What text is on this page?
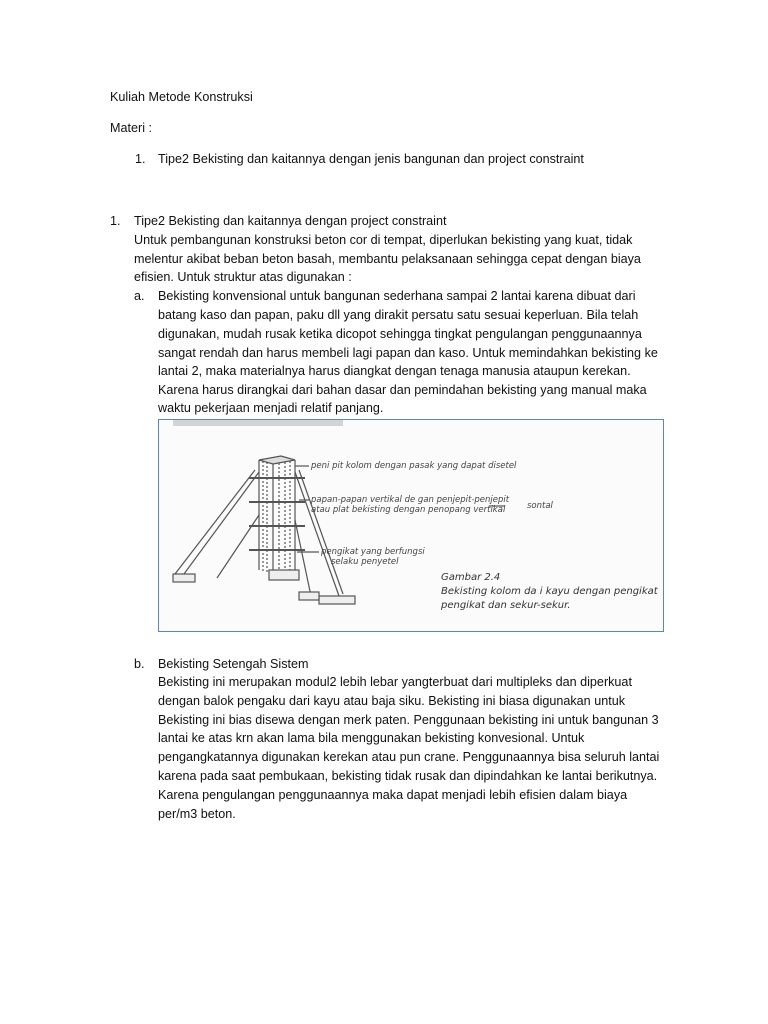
Kuliah Metode Konstruksi
Materi :
1. Tipe2 Bekisting dan kaitannya dengan jenis bangunan dan project constraint
1. Tipe2 Bekisting dan kaitannya dengan project constraint
Untuk pembangunan konstruksi beton cor di tempat, diperlukan bekisting yang kuat, tidak
melentur akibat beban beton basah, membantu pelaksanaan sehingga cepat dengan biaya
efisien. Untuk struktur atas digunakan :
a. Bekisting konvensional untuk bangunan sederhana sampai 2 lantai karena dibuat dari
batang kaso dan papan, paku dll yang dirakit persatu satu sesuai keperluan. Bila telah
digunakan, mudah rusak ketika dicopot sehingga tingkat pengulangan penggunaannya
sangat rendah dan harus membeli lagi papan dan kaso. Untuk memindahkan bekisting ke
lantai 2, maka materialnya harus diangkat dengan tenaga manusia ataupun kerekan.
Karena harus dirangkai dari bahan dasar dan pemindahan bekisting yang manual maka
waktu pekerjaan menjadi relatif panjang.
peni pit kolom dengan pasak yang dapat disetel
papan-papan vertikal de gan penjepit-penjepit
atau plat bekisting dengan penopang vertikal	sontal
pengikat yang berfungsi
selaku penyetel
Gambar 2.4
Bekisting kolom da i kayu dengan pengikat
pengikat dan sekur-sekur.
b. Bekisting Setengah Sistem
Bekisting ini merupakan modul2 lebih lebar yangterbuat dari multipleks dan diperkuat
dengan balok pengaku dari kayu atau baja siku. Bekisting ini biasa digunakan untuk
Bekisting ini bias disewa dengan merk paten. Penggunaan bekisting ini untuk bangunan 3
lantai ke atas krn akan lama bila menggunakan bekisting konvesional. Untuk
pengangkatannya digunakan kerekan atau pun crane. Penggunaannya bisa seluruh lantai
karena pada saat pembukaan, bekisting tidak rusak dan dipindahkan ke lantai berikutnya.
Karena pengulangan penggunaannya maka dapat menjadi lebih efisien dalam biaya
per/m3 beton.
